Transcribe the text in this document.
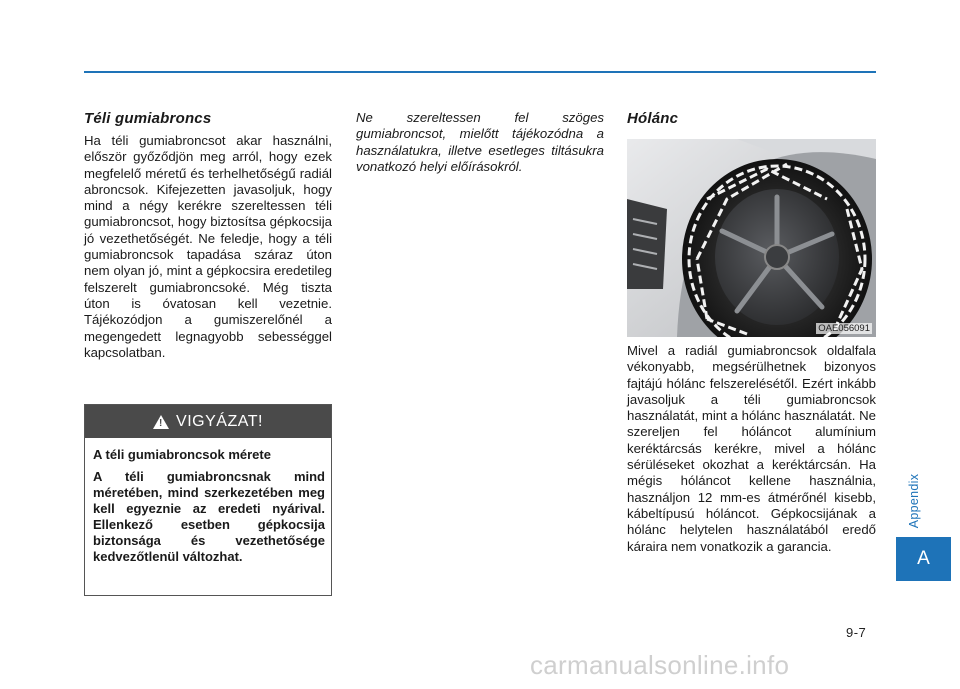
Téli gumiabroncs

Ha téli gumiabroncsot akar használni, először győződjön meg arról, hogy ezek megfelelő méretű és terhelhetőségű radiál abroncsok. Kifejezetten javasoljuk, hogy mind a négy kerékre szereltessen téli gumiabroncsot, hogy biztosítsa gépkocsija jó vezethetőségét. Ne feledje, hogy a téli gumiabroncsok tapadása száraz úton nem olyan jó, mint a gépkocsira eredetileg felszerelt gumiabroncsoké. Még tiszta úton is óvatosan kell vezetnie. Tájékozódjon a gumiszerelőnél a megengedett legnagyobb sebességgel kapcsolatban.

! VIGYÁZAT!

A téli gumiabroncsok mérete

A téli gumiabroncsnak mind méretében, mind szerkezetében meg kell egyeznie az eredeti nyárival. Ellenkező esetben gépkocsija biztonsága és vezethetősége kedvezőtlenül változhat.

Ne szereltessen fel szöges gumiabroncsot, mielőtt tájékozódna a használatukra, illetve esetleges tiltásukra vonatkozó helyi előírásokról.

Hólánc
OAE056091

Mivel a radiál gumiabroncsok oldalfala vékonyabb, megsérülhetnek bizonyos fajtájú hólánc felszerelésétől. Ezért inkább javasoljuk a téli gumiabroncsok használatát, mint a hólánc használatát. Ne szereljen fel hóláncot alumínium keréktárcsás kerékre, mivel a hólánc sérüléseket okozhat a keréktárcsán. Ha mégis hóláncot kellene használnia, használjon 12 mm-es átmérőnél kisebb, kábeltípusú hóláncot. Gépkocsijának a hólánc helytelen használatából eredő káraira nem vonatkozik a garancia.

Appendix
A
9-7
carmanualsonline.info
